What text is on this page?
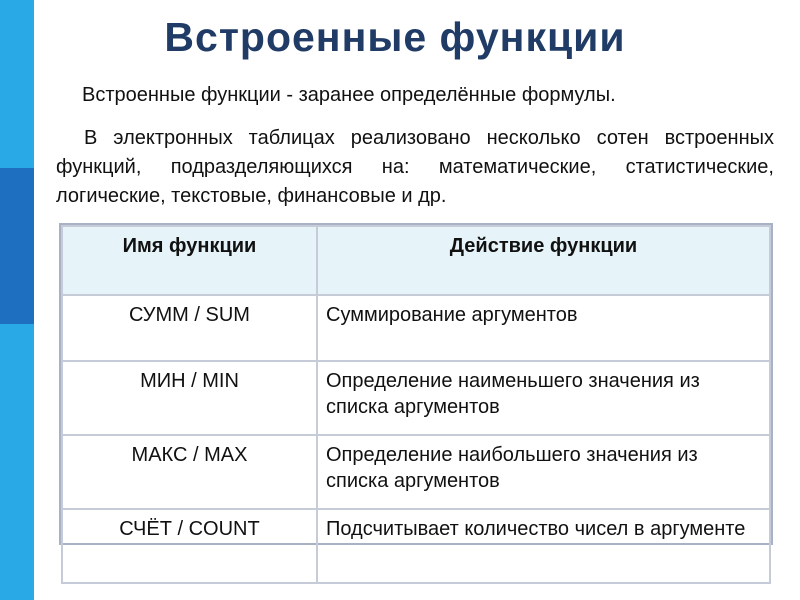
Встроенные функции
Встроенные функции - заранее определённые формулы.
В электронных таблицах реализовано несколько сотен встроенных функций, подразделяющихся на: математические, статистические, логические, текстовые, финансовые и др.
Имя функции	Действие функции
СУММ / SUM	Суммирование аргументов
МИН / MIN	Определение наименьшего значения из списка аргументов
МАКС / MAX	Определение наибольшего значения из списка аргументов
СЧЁТ / COUNT	Подсчитывает количество чисел в аргументе
